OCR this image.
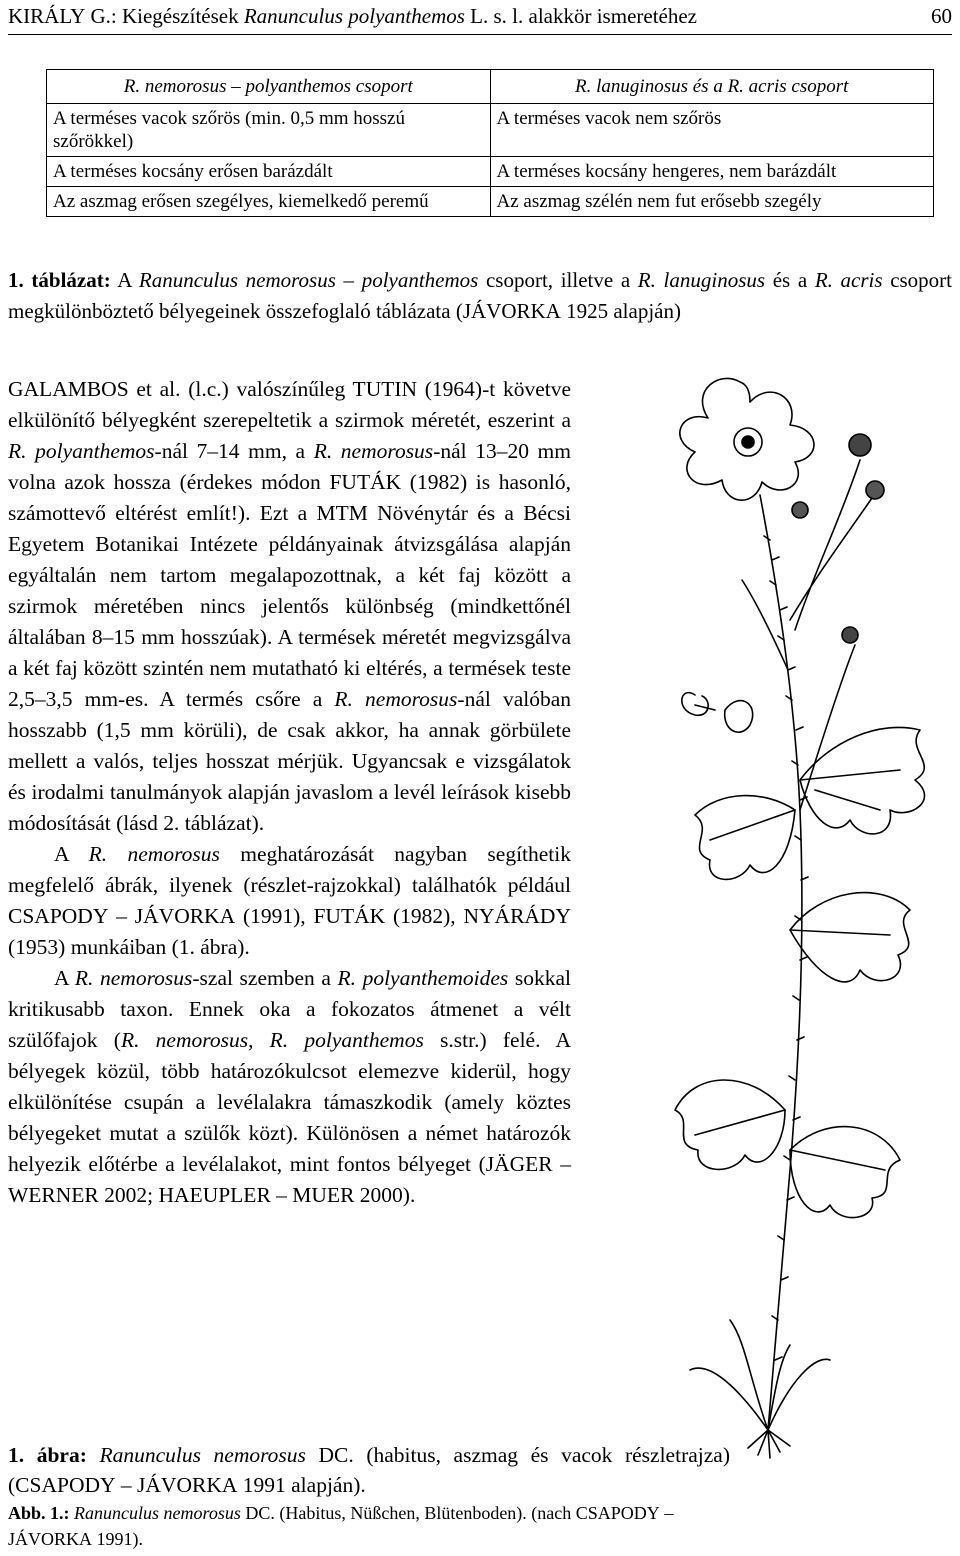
KIRÁLY G.: Kiegészítések Ranunculus polyanthemos L. s. l. alakkör ismeretéhez	60
R. nemorosus – polyanthemos csoport	R. lanuginosus és a R. acris csoport
A terméses vacok szőrös (min. 0,5 mm hosszú szőrökkel)	A terméses vacok nem szőrös
A terméses kocsány erősen barázdált	A terméses kocsány hengeres, nem barázdált
Az aszmag erősen szegélyes, kiemelkedő peremű	Az aszmag szélén nem fut erősebb szegély
1. táblázat: A Ranunculus nemorosus – polyanthemos csoport, illetve a R. lanuginosus és a R. acris csoport megkülönböztető bélyegeinek összefoglaló táblázata (JÁVORKA 1925 alapján)

GALAMBOS et al. (l.c.) valószínűleg TUTIN (1964)-t követve elkülönítő bélyegként szerepeltetik a szirmok méretét, eszerint a R. polyanthemos-nál 7–14 mm, a R. nemorosus-nál 13–20 mm volna azok hossza (érdekes módon FUTÁK (1982) is hasonló, számottevő eltérést említ!). Ezt a MTM Növénytár és a Bécsi Egyetem Botanikai Intézete példányainak átvizsgálása alapján egyáltalán nem tartom megalapozottnak, a két faj között a szirmok méretében nincs jelentős különbség (mindkettőnél általában 8–15 mm hosszúak). A termések méretét megvizsgálva a két faj között szintén nem mutatható ki eltérés, a termések teste 2,5–3,5 mm-es. A termés csőre a R. nemorosus-nál valóban hosszabb (1,5 mm körüli), de csak akkor, ha annak görbülete mellett a valós, teljes hosszat mérjük. Ugyancsak e vizsgálatok és irodalmi tanulmányok alapján javaslom a levél leírások kisebb módosítását (lásd 2. táblázat).

A R. nemorosus meghatározását nagyban segíthetik megfelelő ábrák, ilyenek (részlet-rajzokkal) találhatók például CSAPODY – JÁVORKA (1991), FUTÁK (1982), NYÁRÁDY (1953) munkáiban (1. ábra).

A R. nemorosus-szal szemben a R. polyanthemoides sokkal kritikusabb taxon. Ennek oka a fokozatos átmenet a vélt szülőfajok (R. nemorosus, R. polyanthemos s.str.) felé. A bélyegek közül, több határozókulcsot elemezve kiderül, hogy elkülönítése csupán a levélalakra támaszkodik (amely köztes bélyegeket mutat a szülők közt). Különösen a német határozók helyezik előtérbe a levélalakot, mint fontos bélyeget (JÄGER – WERNER 2002; HAEUPLER – MUER 2000).

1. ábra: Ranunculus nemorosus DC. (habitus, aszmag és vacok részletrajza) (CSAPODY – JÁVORKA 1991 alapján).
Abb. 1.: Ranunculus nemorosus DC. (Habitus, Nüßchen, Blütenboden). (nach CSAPODY – JÁVORKA 1991).
